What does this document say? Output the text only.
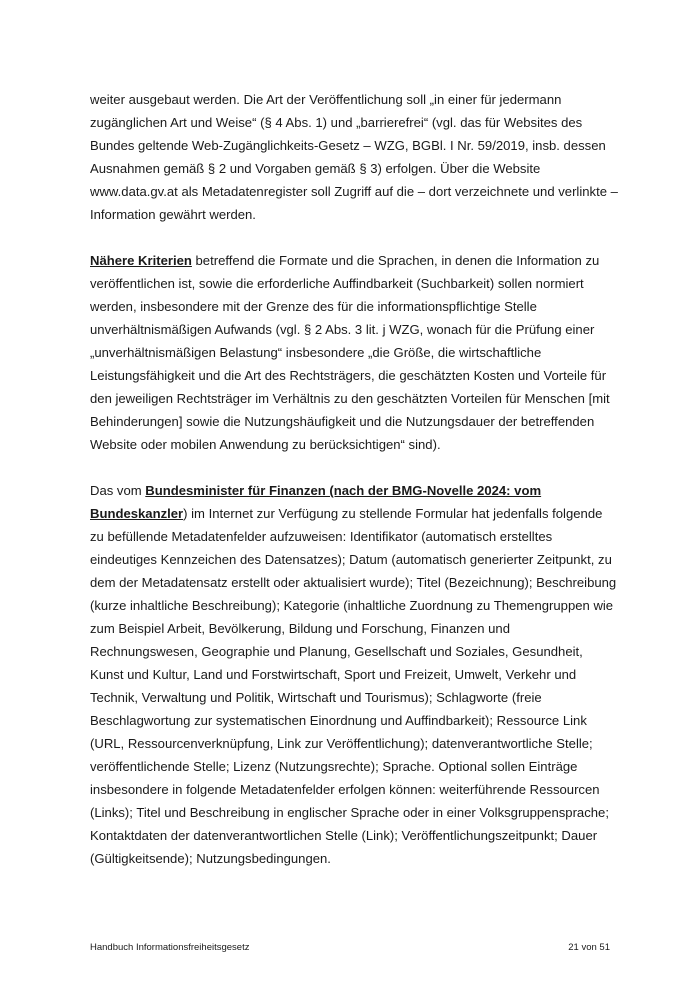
weiter ausgebaut werden. Die Art der Veröffentlichung soll „in einer für jedermann zugänglichen Art und Weise“ (§ 4 Abs. 1) und „barrierefrei“ (vgl. das für Websites des Bundes geltende Web-Zugänglichkeits-Gesetz – WZG, BGBl. I Nr. 59/2019, insb. dessen Ausnahmen gemäß § 2 und Vorgaben gemäß § 3) erfolgen. Über die Website www.data.gv.at als Metadatenregister soll Zugriff auf die – dort verzeichnete und verlinkte – Information gewährt werden.

Nähere Kriterien betreffend die Formate und die Sprachen, in denen die Information zu veröffentlichen ist, sowie die erforderliche Auffindbarkeit (Suchbarkeit) sollen normiert werden, insbesondere mit der Grenze des für die informationspflichtige Stelle unverhältnismäßigen Aufwands (vgl. § 2 Abs. 3 lit. j WZG, wonach für die Prüfung einer „unverhältnismäßigen Belastung“ insbesondere „die Größe, die wirtschaftliche Leistungsfähigkeit und die Art des Rechtsträgers, die geschätzten Kosten und Vorteile für den jeweiligen Rechtsträger im Verhältnis zu den geschätzten Vorteilen für Menschen [mit Behinderungen] sowie die Nutzungshäufigkeit und die Nutzungsdauer der betreffenden Website oder mobilen Anwendung zu berücksichtigen“ sind).

Das vom Bundesminister für Finanzen (nach der BMG-Novelle 2024: vom Bundeskanzler) im Internet zur Verfügung zu stellende Formular hat jedenfalls folgende zu befüllende Metadatenfelder aufzuweisen: Identifikator (automatisch erstelltes eindeutiges Kennzeichen des Datensatzes); Datum (automatisch generierter Zeitpunkt, zu dem der Metadatensatz erstellt oder aktualisiert wurde); Titel (Bezeichnung); Beschreibung (kurze inhaltliche Beschreibung); Kategorie (inhaltliche Zuordnung zu Themengruppen wie zum Beispiel Arbeit, Bevölkerung, Bildung und Forschung, Finanzen und Rechnungswesen, Geographie und Planung, Gesellschaft und Soziales, Gesundheit, Kunst und Kultur, Land und Forstwirtschaft, Sport und Freizeit, Umwelt, Verkehr und Technik, Verwaltung und Politik, Wirtschaft und Tourismus); Schlagworte (freie Beschlagwortung zur systematischen Einordnung und Auffindbarkeit); Ressource Link (URL, Ressourcenverknüpfung, Link zur Veröffentlichung); datenverantwortliche Stelle; veröffentlichende Stelle; Lizenz (Nutzungsrechte); Sprache. Optional sollen Einträge insbesondere in folgende Metadatenfelder erfolgen können: weiterführende Ressourcen (Links); Titel und Beschreibung in englischer Sprache oder in einer Volksgruppensprache; Kontaktdaten der datenverantwortlichen Stelle (Link); Veröffentlichungszeitpunkt; Dauer (Gültigkeitsende); Nutzungsbedingungen.

Handbuch Informationsfreiheitsgesetz	21 von 51
